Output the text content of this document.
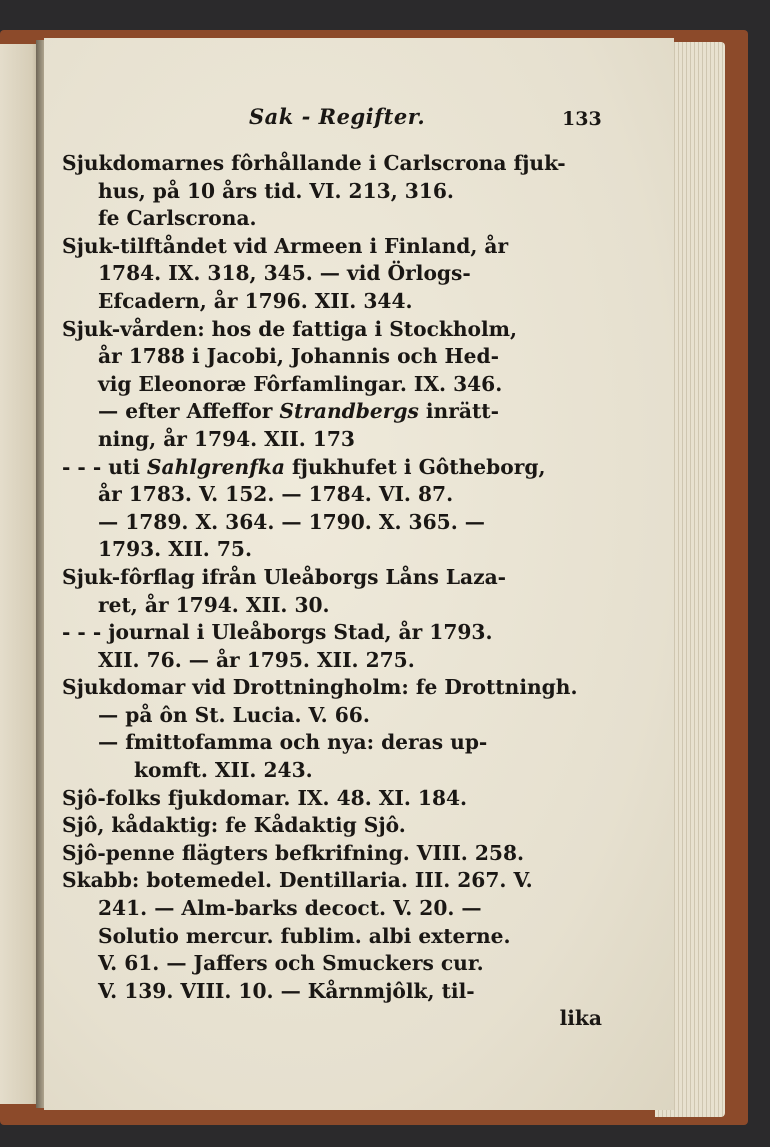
Sak - Regifter.	133
Sjukdomarnes fôrhållande i Carlscrona fjuk-
hus, på 10 års tid. VI. 213, 316.
fe Carlscrona.
Sjuk-tilftåndet vid Armeen i Finland, år
1784. IX. 318, 345. — vid Örlogs-
Efcadern, år 1796. XII. 344.
Sjuk-vården: hos de fattiga i Stockholm,
år 1788 i Jacobi, Johannis och Hed-
vig Eleonoræ Fôrfamlingar. IX. 346.
— efter Affeffor Strandbergs inrätt-
ning, år 1794. XII. 173
- - - uti Sahlgrenfka fjukhufet i Gôtheborg,
år 1783. V. 152. — 1784. VI. 87.
— 1789. X. 364. — 1790. X. 365. —
1793. XII. 75.
Sjuk-fôrflag ifrån Uleåborgs Låns Laza-
ret, år 1794. XII. 30.
- - - journal i Uleåborgs Stad, år 1793.
XII. 76. — år 1795. XII. 275.
Sjukdomar vid Drottningholm: fe Drottningh.
— på ôn St. Lucia. V. 66.
— fmittofamma och nya: deras up-
komft. XII. 243.
Sjô-folks fjukdomar. IX. 48. XI. 184.
Sjô, kådaktig: fe Kådaktig Sjô.
Sjô-penne flägters befkrifning. VIII. 258.
Skabb: botemedel. Dentillaria. III. 267. V.
241. — Alm-barks decoct. V. 20. —
Solutio mercur. fublim. albi externe.
V. 61. — Jaffers och Smuckers cur.
V. 139. VIII. 10. — Kårnmjôlk, til-
lika
